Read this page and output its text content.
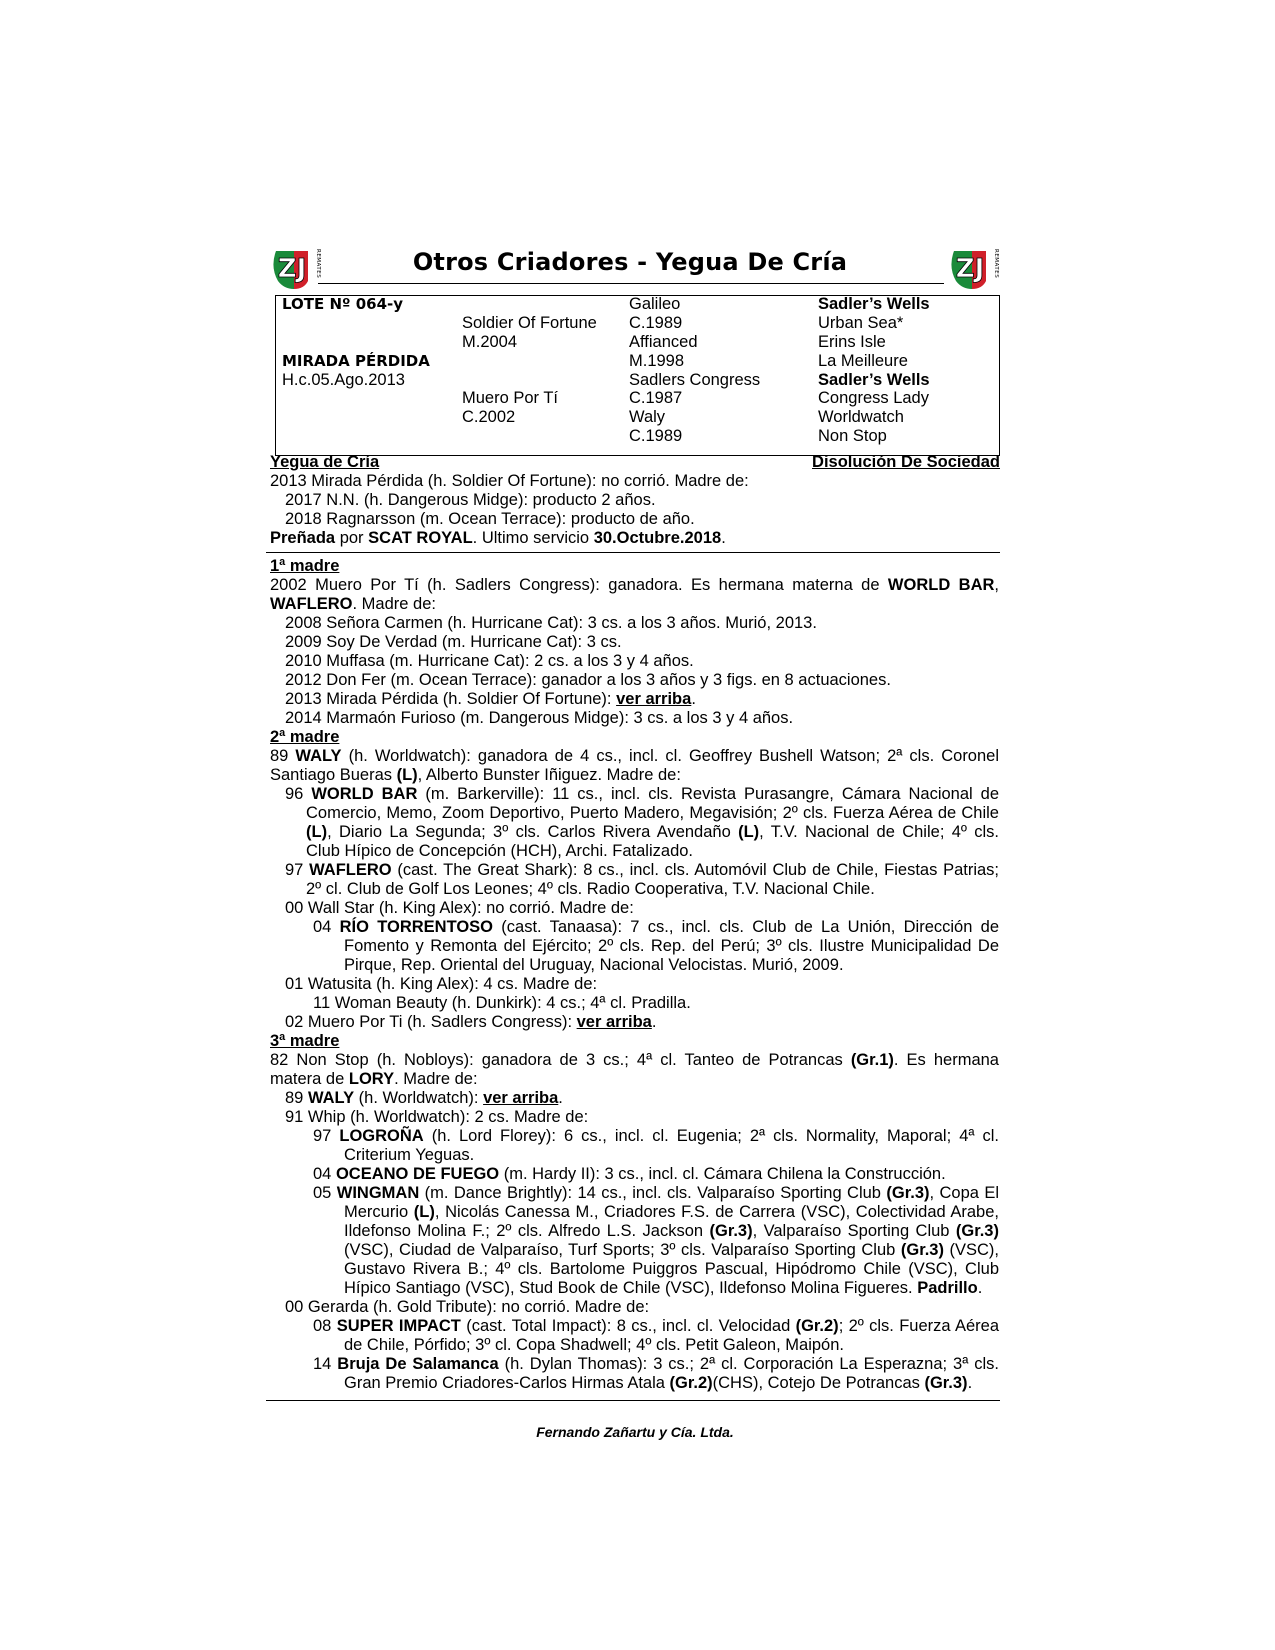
ZJ REMATES	ZJ REMATES
Otros Criadores - Yegua De Cría
LOTE Nº 064-y
MIRADA PÉRDIDA
H.c.05.Ago.2013
Soldier Of Fortune
M.2004
Muero Por Tí
C.2002
Galileo
C.1989
Affianced
M.1998
Sadlers Congress
C.1987
Waly
C.1989
Sadler’s Wells
Urban Sea*
Erins Isle
La Meilleure
Sadler’s Wells
Congress Lady
Worldwatch
Non Stop
Yegua de Cría	Disolución De Sociedad
2013 Mirada Pérdida (h. Soldier Of Fortune): no corrió. Madre de:
2017 N.N. (h. Dangerous Midge): producto 2 años.
2018 Ragnarsson (m. Ocean Terrace): producto de año.
Preñada por SCAT ROYAL. Ultimo servicio 30.Octubre.2018.
1ª madre
2002 Muero Por Tí (h. Sadlers Congress): ganadora. Es hermana materna de WORLD BAR,
WAFLERO. Madre de:
2008 Señora Carmen (h. Hurricane Cat): 3 cs. a los 3 años. Murió, 2013.
2009 Soy De Verdad (m. Hurricane Cat): 3 cs.
2010 Muffasa (m. Hurricane Cat): 2 cs. a los 3 y 4 años.
2012 Don Fer (m. Ocean Terrace): ganador a los 3 años y 3 figs. en 8 actuaciones.
2013 Mirada Pérdida (h. Soldier Of Fortune): ver arriba.
2014 Marmaón Furioso (m. Dangerous Midge): 3 cs. a los 3 y 4 años.
2ª madre
89 WALY (h. Worldwatch): ganadora de 4 cs., incl. cl. Geoffrey Bushell Watson; 2ª cls. Coronel
Santiago Bueras (L), Alberto Bunster Iñiguez. Madre de:
96 WORLD BAR (m. Barkerville): 11 cs., incl. cls. Revista Purasangre, Cámara Nacional de
Comercio, Memo, Zoom Deportivo, Puerto Madero, Megavisión; 2º cls. Fuerza Aérea de Chile
(L), Diario La Segunda; 3º cls. Carlos Rivera Avendaño (L), T.V. Nacional de Chile; 4º cls.
Club Hípico de Concepción (HCH), Archi. Fatalizado.
97 WAFLERO (cast. The Great Shark): 8 cs., incl. cls. Automóvil Club de Chile, Fiestas Patrias;
2º cl. Club de Golf Los Leones; 4º cls. Radio Cooperativa, T.V. Nacional Chile.
00 Wall Star (h. King Alex): no corrió. Madre de:
04 RÍO TORRENTOSO (cast. Tanaasa): 7 cs., incl. cls. Club de La Unión, Dirección de
Fomento y Remonta del Ejército; 2º cls. Rep. del Perú; 3º cls. Ilustre Municipalidad De
Pirque, Rep. Oriental del Uruguay, Nacional Velocistas. Murió, 2009.
01 Watusita (h. King Alex): 4 cs. Madre de:
11 Woman Beauty (h. Dunkirk): 4 cs.; 4ª cl. Pradilla.
02 Muero Por Ti (h. Sadlers Congress): ver arriba.
3ª madre
82 Non Stop (h. Nobloys): ganadora de 3 cs.; 4ª cl. Tanteo de Potrancas (Gr.1). Es hermana
matera de LORY. Madre de:
89 WALY (h. Worldwatch): ver arriba.
91 Whip (h. Worldwatch): 2 cs. Madre de:
97 LOGROÑA (h. Lord Florey): 6 cs., incl. cl. Eugenia; 2ª cls. Normality, Maporal; 4ª cl.
Criterium Yeguas.
04 OCEANO DE FUEGO (m. Hardy II): 3 cs., incl. cl. Cámara Chilena la Construcción.
05 WINGMAN (m. Dance Brightly): 14 cs., incl. cls. Valparaíso Sporting Club (Gr.3), Copa El
Mercurio (L), Nicolás Canessa M., Criadores F.S. de Carrera (VSC), Colectividad Arabe,
Ildefonso Molina F.; 2º cls. Alfredo L.S. Jackson (Gr.3), Valparaíso Sporting Club (Gr.3)
(VSC), Ciudad de Valparaíso, Turf Sports; 3º cls. Valparaíso Sporting Club (Gr.3) (VSC),
Gustavo Rivera B.; 4º cls. Bartolome Puiggros Pascual, Hipódromo Chile (VSC), Club
Hípico Santiago (VSC), Stud Book de Chile (VSC), Ildefonso Molina Figueres. Padrillo.
00 Gerarda (h. Gold Tribute): no corrió. Madre de:
08 SUPER IMPACT (cast. Total Impact): 8 cs., incl. cl. Velocidad (Gr.2); 2º cls. Fuerza Aérea
de Chile, Pórfido; 3º cl. Copa Shadwell; 4º cls. Petit Galeon, Maipón.
14 Bruja De Salamanca (h. Dylan Thomas): 3 cs.; 2ª cl. Corporación La Esperazna; 3ª cls.
Gran Premio Criadores-Carlos Hirmas Atala (Gr.2)(CHS), Cotejo De Potrancas (Gr.3).
Fernando Zañartu y Cía. Ltda.
